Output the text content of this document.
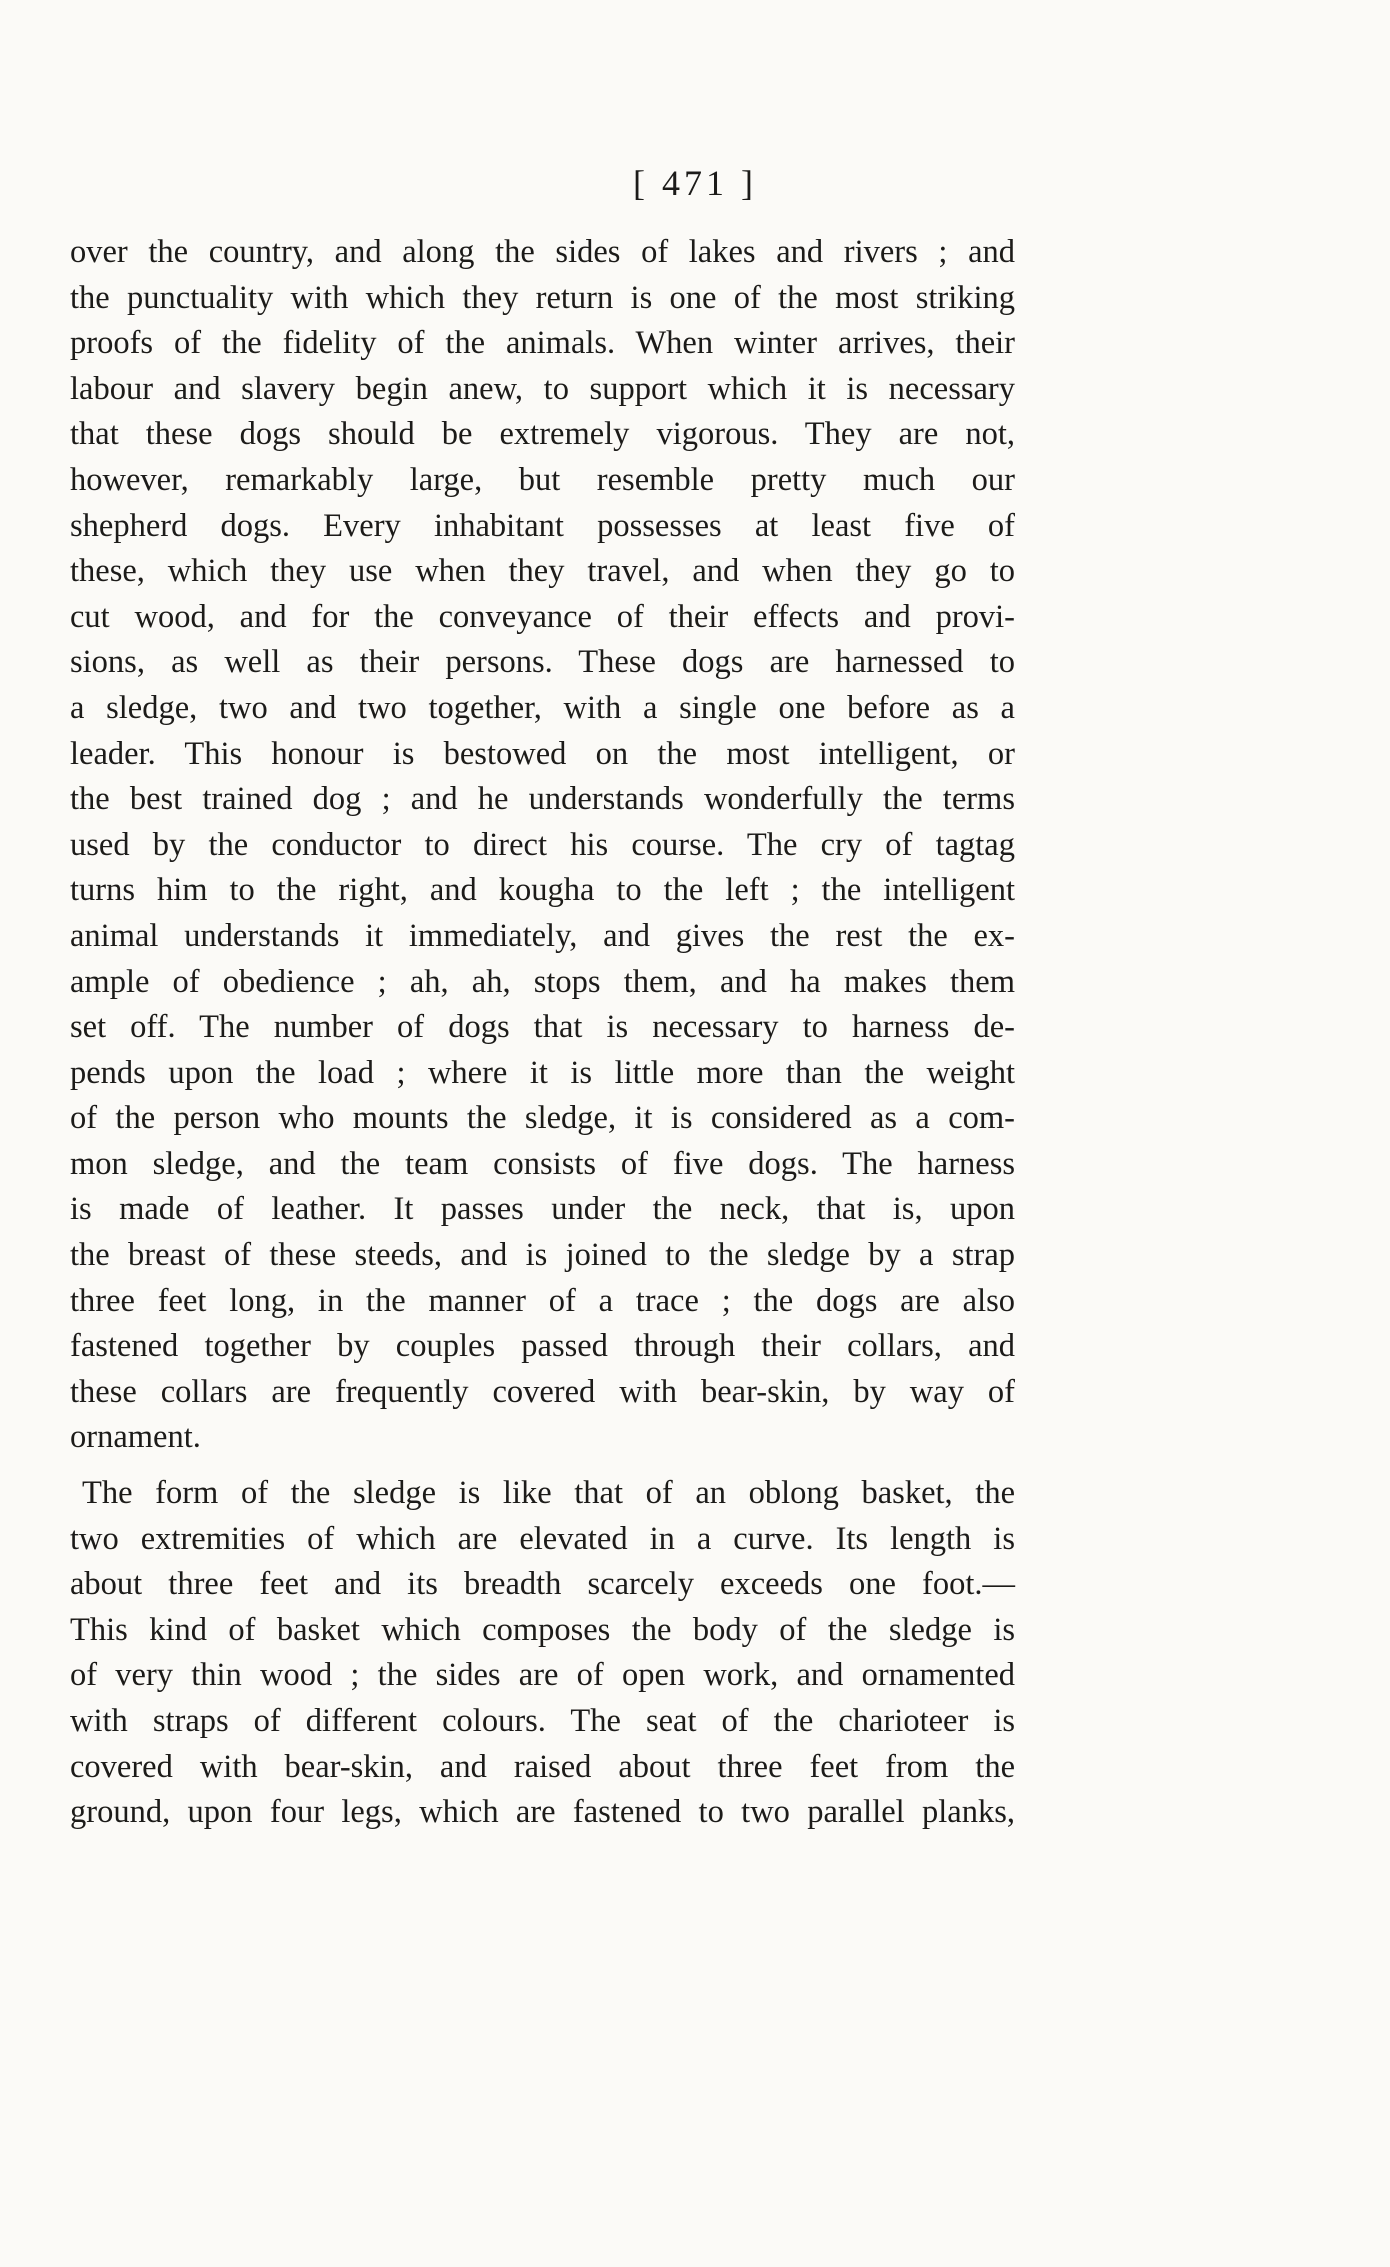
[ 471 ]
over the country, and along the sides of lakes and rivers ; and
the punctuality with which they return is one of the most striking
proofs of the fidelity of the animals. When winter arrives, their
labour and slavery begin anew, to support which it is necessary
that these dogs should be extremely vigorous. They are not,
however, remarkably large, but resemble pretty much our
shepherd dogs. Every inhabitant possesses at least five of
these, which they use when they travel, and when they go to
cut wood, and for the conveyance of their effects and provi-
sions, as well as their persons. These dogs are harnessed to
a sledge, two and two together, with a single one before as a
leader. This honour is bestowed on the most intelligent, or
the best trained dog ; and he understands wonderfully the terms
used by the conductor to direct his course. The cry of tagtag
turns him to the right, and kougha to the left ; the intelligent
animal understands it immediately, and gives the rest the ex-
ample of obedience ; ah, ah, stops them, and ha makes them
set off. The number of dogs that is necessary to harness de-
pends upon the load ; where it is little more than the weight
of the person who mounts the sledge, it is considered as a com-
mon sledge, and the team consists of five dogs. The harness
is made of leather. It passes under the neck, that is, upon
the breast of these steeds, and is joined to the sledge by a strap
three feet long, in the manner of a trace ; the dogs are also
fastened together by couples passed through their collars, and
these collars are frequently covered with bear-skin, by way of
ornament.
The form of the sledge is like that of an oblong basket, the
two extremities of which are elevated in a curve. Its length is
about three feet and its breadth scarcely exceeds one foot.—
This kind of basket which composes the body of the sledge is
of very thin wood ; the sides are of open work, and ornamented
with straps of different colours. The seat of the charioteer is
covered with bear-skin, and raised about three feet from the
ground, upon four legs, which are fastened to two parallel planks,
